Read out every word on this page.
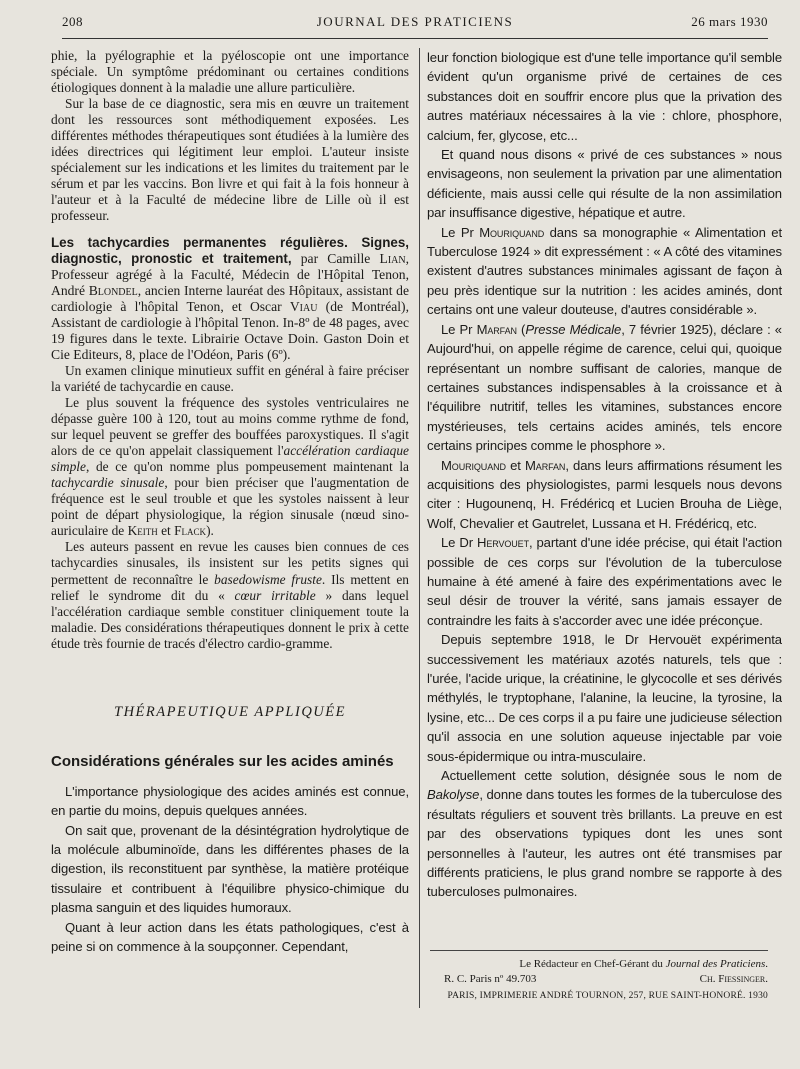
208	JOURNAL DES PRATICIENS	26 mars 1930

phie, la pyélographie et la pyéloscopie ont une importance spéciale. Un symptôme prédominant ou certaines conditions étiologiques donnent à la maladie une allure particulière.

Sur la base de ce diagnostic, sera mis en œuvre un traitement dont les ressources sont méthodiquement exposées. Les différentes méthodes thérapeutiques sont étudiées à la lumière des idées directrices qui légitiment leur emploi. L'auteur insiste spécialement sur les indications et les limites du traitement par le sérum et par les vaccins. Bon livre et qui fait à la fois honneur à l'auteur et à la Faculté de médecine libre de Lille où il est professeur.

Les tachycardies permanentes régulières. Signes, diagnostic, pronostic et traitement, par Camille Lian, Professeur agrégé à la Faculté, Médecin de l'Hôpital Tenon, André Blondel, ancien Interne lauréat des Hôpitaux, assistant de cardiologie à l'hôpital Tenon, et Oscar Viau (de Montréal), Assistant de cardiologie à l'hôpital Tenon. In-8º de 48 pages, avec 19 figures dans le texte. Librairie Octave Doin. Gaston Doin et Cie Editeurs, 8, place de l'Odéon, Paris (6º).

Un examen clinique minutieux suffit en général à faire préciser la variété de tachycardie en cause.

Le plus souvent la fréquence des systoles ventriculaires ne dépasse guère 100 à 120, tout au moins comme rythme de fond, sur lequel peuvent se greffer des bouffées paroxystiques. Il s'agit alors de ce qu'on appelait classiquement l'accélération cardiaque simple, de ce qu'on nomme plus pompeusement maintenant la tachycardie sinusale, pour bien préciser que l'augmentation de fréquence est le seul trouble et que les systoles naissent à leur point de départ physiologique, la région sinusale (nœud sino-auriculaire de Keith et Flack).

Les auteurs passent en revue les causes bien connues de ces tachycardies sinusales, ils insistent sur les petits signes qui permettent de reconnaître le basedowisme fruste. Ils mettent en relief le syndrome dit du « cœur irritable » dans lequel l'accélération cardiaque semble constituer cliniquement toute la maladie. Des considérations thérapeutiques donnent le prix à cette étude très fournie de tracés d'électro cardio-gramme.

THÉRAPEUTIQUE APPLIQUÉE
Considérations générales sur les acides aminés

L'importance physiologique des acides aminés est connue, en partie du moins, depuis quelques années.

On sait que, provenant de la désintégration hydrolytique de la molécule albuminoïde, dans les différentes phases de la digestion, ils reconstituent par synthèse, la matière protéique tissulaire et contribuent à l'équilibre physico-chimique du plasma sanguin et des liquides humoraux.

Quant à leur action dans les états pathologiques, c'est à peine si on commence à la soupçonner. Cependant,

leur fonction biologique est d'une telle importance qu'il semble évident qu'un organisme privé de certaines de ces substances doit en souffrir encore plus que la privation des autres matériaux nécessaires à la vie : chlore, phosphore, calcium, fer, glycose, etc...

Et quand nous disons « privé de ces substances » nous envisageons, non seulement la privation par une alimentation déficiente, mais aussi celle qui résulte de la non assimilation par insuffisance digestive, hépatique et autre.

Le Pr Mouriquand dans sa monographie « Alimentation et Tuberculose 1924 » dit expressément : « A côté des vitamines existent d'autres substances minimales agissant de façon à peu près identique sur la nutrition : les acides aminés, dont certains ont une valeur douteuse, d'autres considérable ».

Le Pr Marfan (Presse Médicale, 7 février 1925), déclare : « Aujourd'hui, on appelle régime de carence, celui qui, quoique représentant un nombre suffisant de calories, manque de certaines substances indispensables à la croissance et à l'équilibre nutritif, telles les vitamines, substances encore mystérieuses, tels certains acides aminés, tels encore certains principes comme le phosphore ».

Mouriquand et Marfan, dans leurs affirmations résument les acquisitions des physiologistes, parmi lesquels nous devons citer : Hugounenq, H. Frédéricq et Lucien Brouha de Liège, Wolf, Chevalier et Gautrelet, Lussana et H. Frédéricq, etc.

Le Dr Hervouet, partant d'une idée précise, qui était l'action possible de ces corps sur l'évolution de la tuberculose humaine à été amené à faire des expérimentations avec le seul désir de trouver la vérité, sans jamais essayer de contraindre les faits à s'accorder avec une idée préconçue.

Depuis septembre 1918, le Dr Hervouët expérimenta successivement les matériaux azotés naturels, tels que : l'urée, l'acide urique, la créatinine, le glycocolle et ses dérivés méthylés, le tryptophane, l'alanine, la leucine, la tyrosine, la lysine, etc... De ces corps il a pu faire une judicieuse sélection qu'il associa en une solution aqueuse injectable par voie sous-épidermique ou intra-musculaire.

Actuellement cette solution, désignée sous le nom de Bakolyse, donne dans toutes les formes de la tuberculose des résultats réguliers et souvent très brillants. La preuve en est par des observations typiques dont les unes sont personnelles à l'auteur, les autres ont été transmises par différents praticiens, le plus grand nombre se rapporte à des tuberculoses pulmonaires.

Le Rédacteur en Chef-Gérant du Journal des Praticiens.
R. C. Paris nº 49.703	Ch. Fiessinger.
PARIS, IMPRIMERIE ANDRÉ TOURNON, 257, RUE SAINT-HONORÉ. 1930
